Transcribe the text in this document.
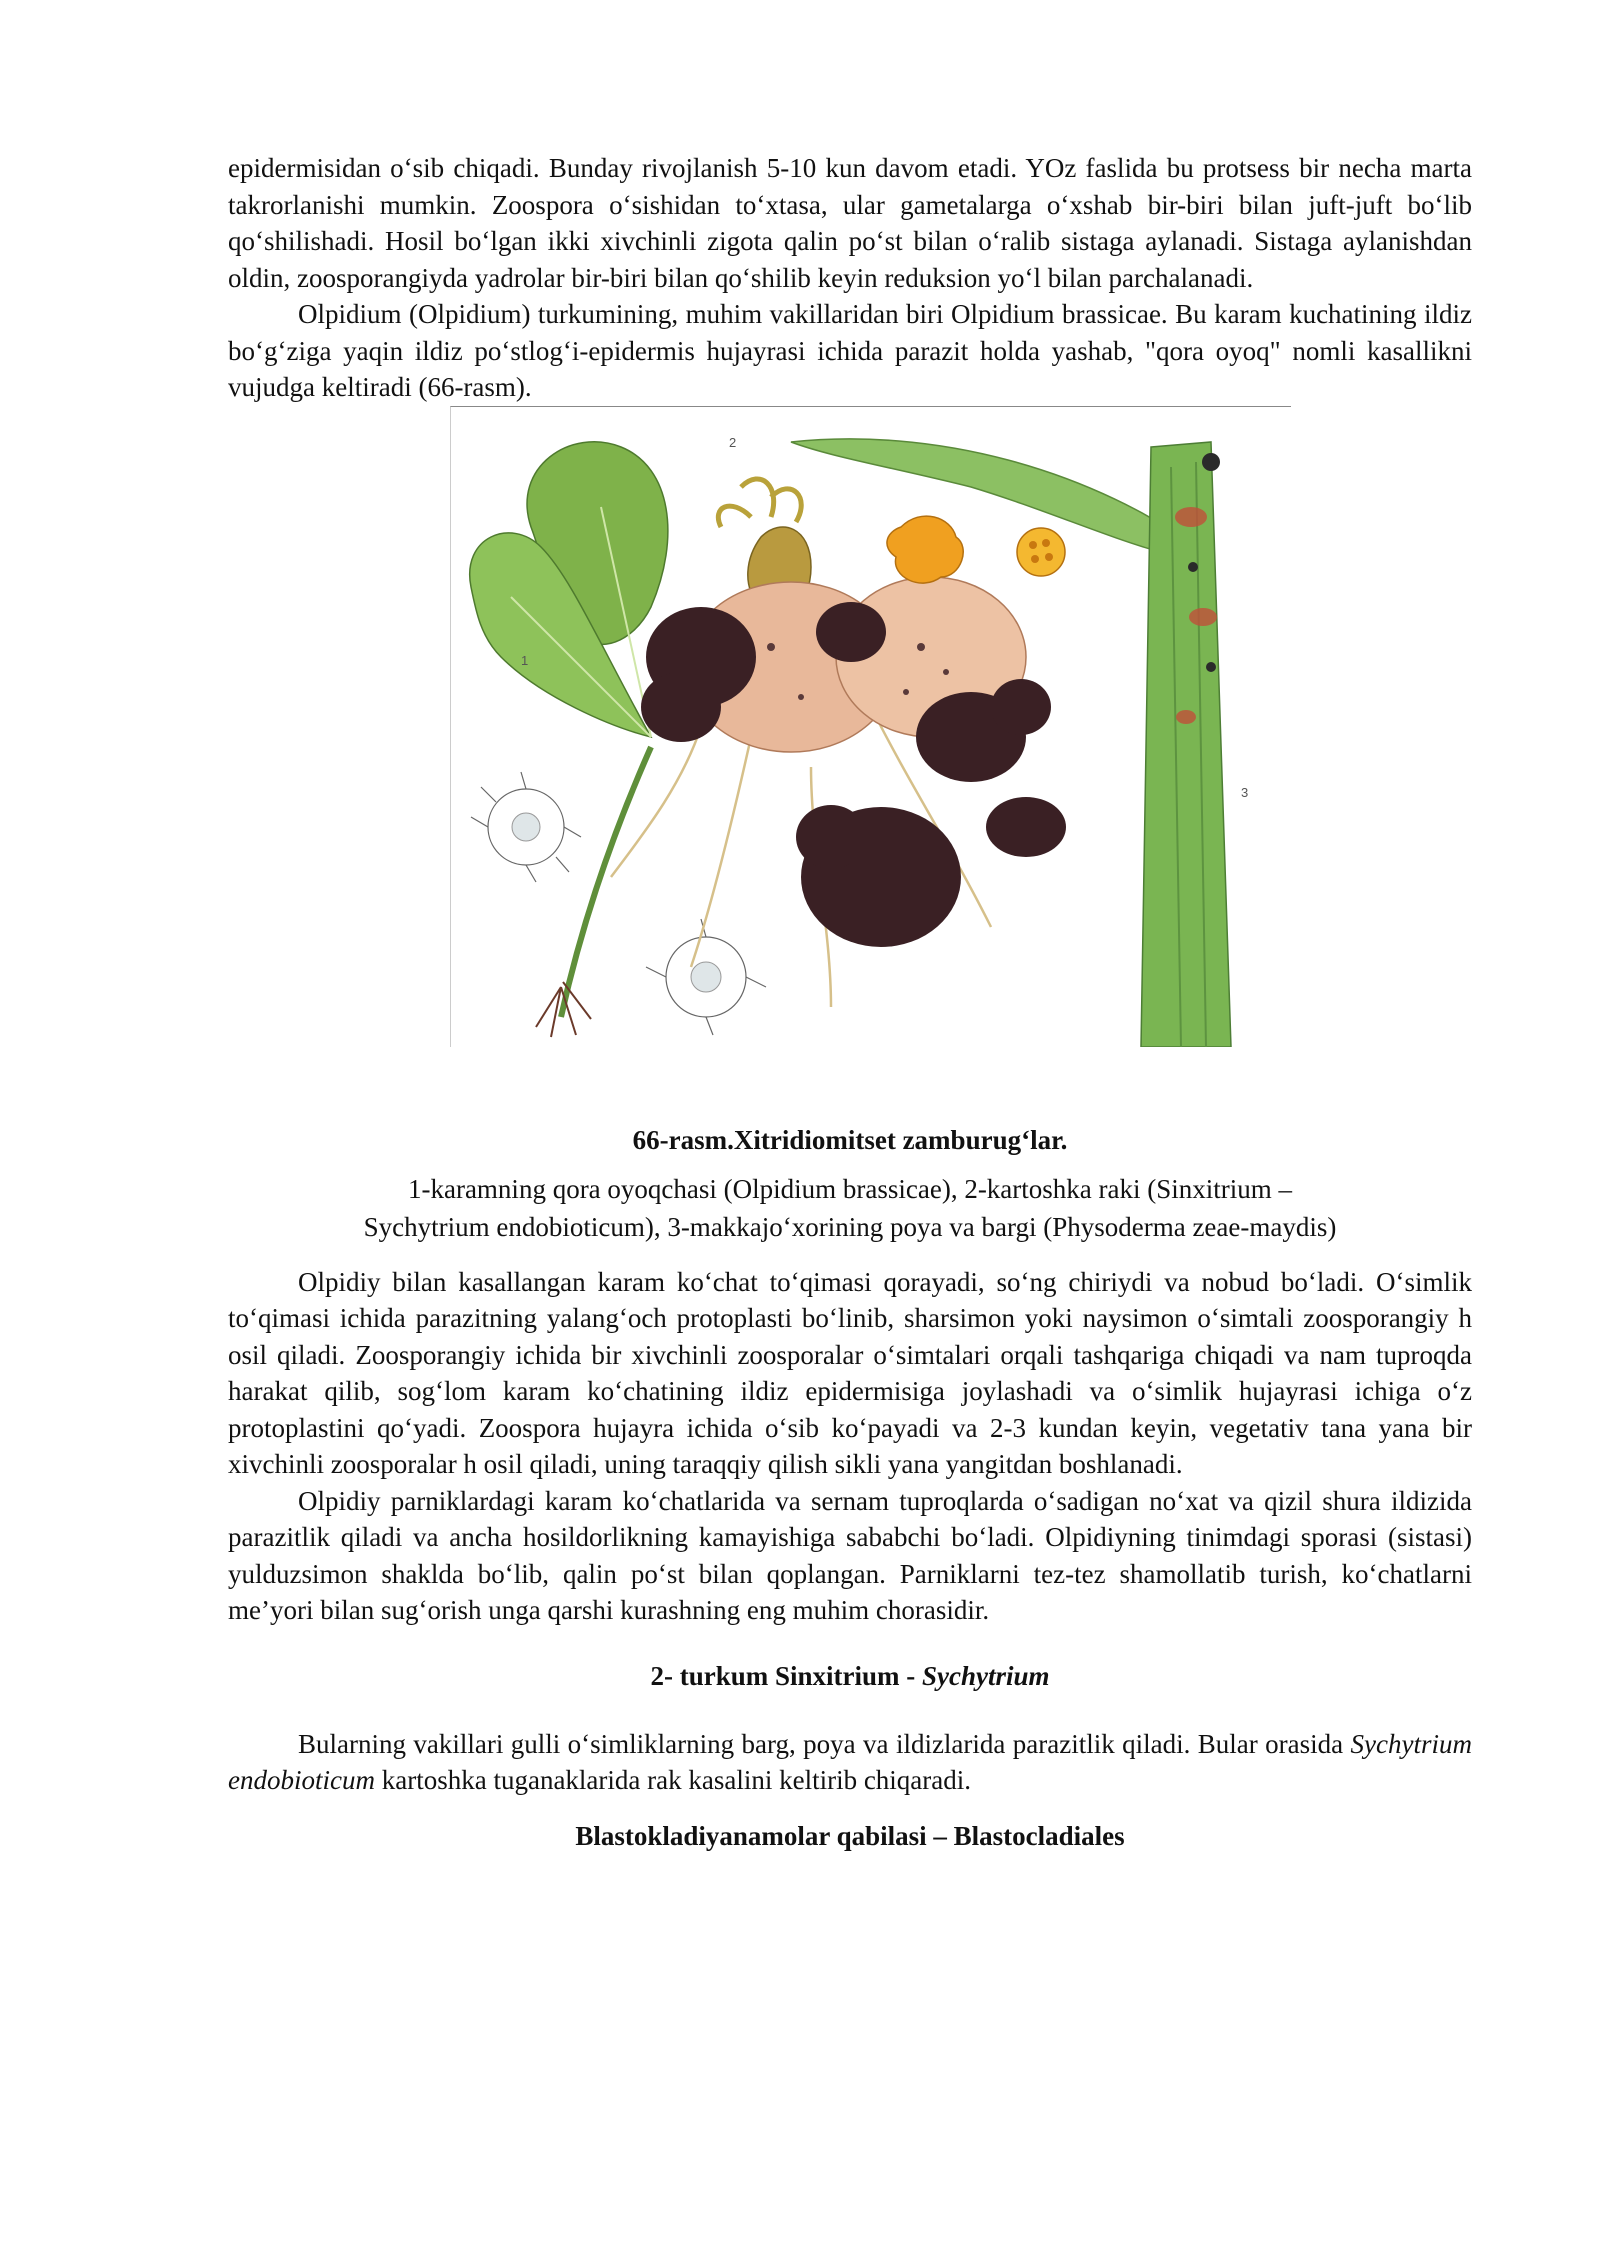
epidermisidan o‘sib chiqadi. Bunday rivojlanish 5-10 kun davom etadi. YOz faslida bu protsess bir necha marta takrorlanishi mumkin. Zoospora o‘sishidan to‘xtasa, ular gametalarga o‘xshab bir-biri bilan juft-juft bo‘lib qo‘shilishadi. Hosil bo‘lgan ikki xivchinli zigota qalin po‘st bilan o‘ralib sistaga aylanadi. Sistaga aylanishdan oldin, zoosporangiyda yadrolar bir-biri bilan qo‘shilib keyin reduksion yo‘l bilan parchalanadi.

Olpidium (Olpidium) turkumining, muhim vakillaridan biri Olpidium brassicae. Bu karam kuchatining ildiz bo‘g‘ziga yaqin ildiz po‘stlog‘i-epidermis hujayrasi ichida parazit holda yashab, "qora oyoq" nomli kasallikni vujudga keltiradi (66-rasm).

3
1
2

66-rasm.Xitridiomitset zamburug‘lar.

1-karamning qora oyoqchasi (Olpidium brassicae), 2-kartoshka raki (Sinxitrium –
Sychytrium endobioticum), 3-makkajo‘xorining poya va bargi (Physoderma zeae-maydis)

Olpidiy bilan kasallangan karam ko‘chat to‘qimasi qorayadi, so‘ng chiriydi va nobud bo‘ladi. O‘simlik to‘qimasi ichida parazitning yalang‘och protoplasti bo‘linib, sharsimon yoki naysimon o‘simtali zoosporangiy h osil qiladi. Zoosporangiy ichida bir xivchinli zoosporalar o‘simtalari orqali tashqariga chiqadi va nam tuproqda harakat qilib, sog‘lom karam ko‘chatining ildiz epidermisiga joylashadi va o‘simlik hujayrasi ichiga o‘z protoplastini qo‘yadi. Zoospora hujayra ichida o‘sib ko‘payadi va 2-3 kundan keyin, vegetativ tana yana bir xivchinli zoosporalar h osil qiladi, uning taraqqiy qilish sikli yana yangitdan boshlanadi.

Olpidiy parniklardagi karam ko‘chatlarida va sernam tuproqlarda o‘sadigan no‘xat va qizil shura ildizida parazitlik qiladi va ancha hosildorlikning kamayishiga sababchi bo‘ladi. Olpidiyning tinimdagi sporasi (sistasi) yulduzsimon shaklda bo‘lib, qalin po‘st bilan qoplangan. Parniklarni tez-tez shamollatib turish, ko‘chatlarni me’yori bilan sug‘orish unga qarshi kurashning eng muhim chorasidir.

2- turkum Sinxitrium - Sychytrium

Bularning vakillari gulli o‘simliklarning barg, poya va ildizlarida parazitlik qiladi. Bular orasida Sychytrium endobioticum kartoshka tuganaklarida rak kasalini keltirib chiqaradi.

Blastokladiyanamolar qabilasi – Blastocladiales
